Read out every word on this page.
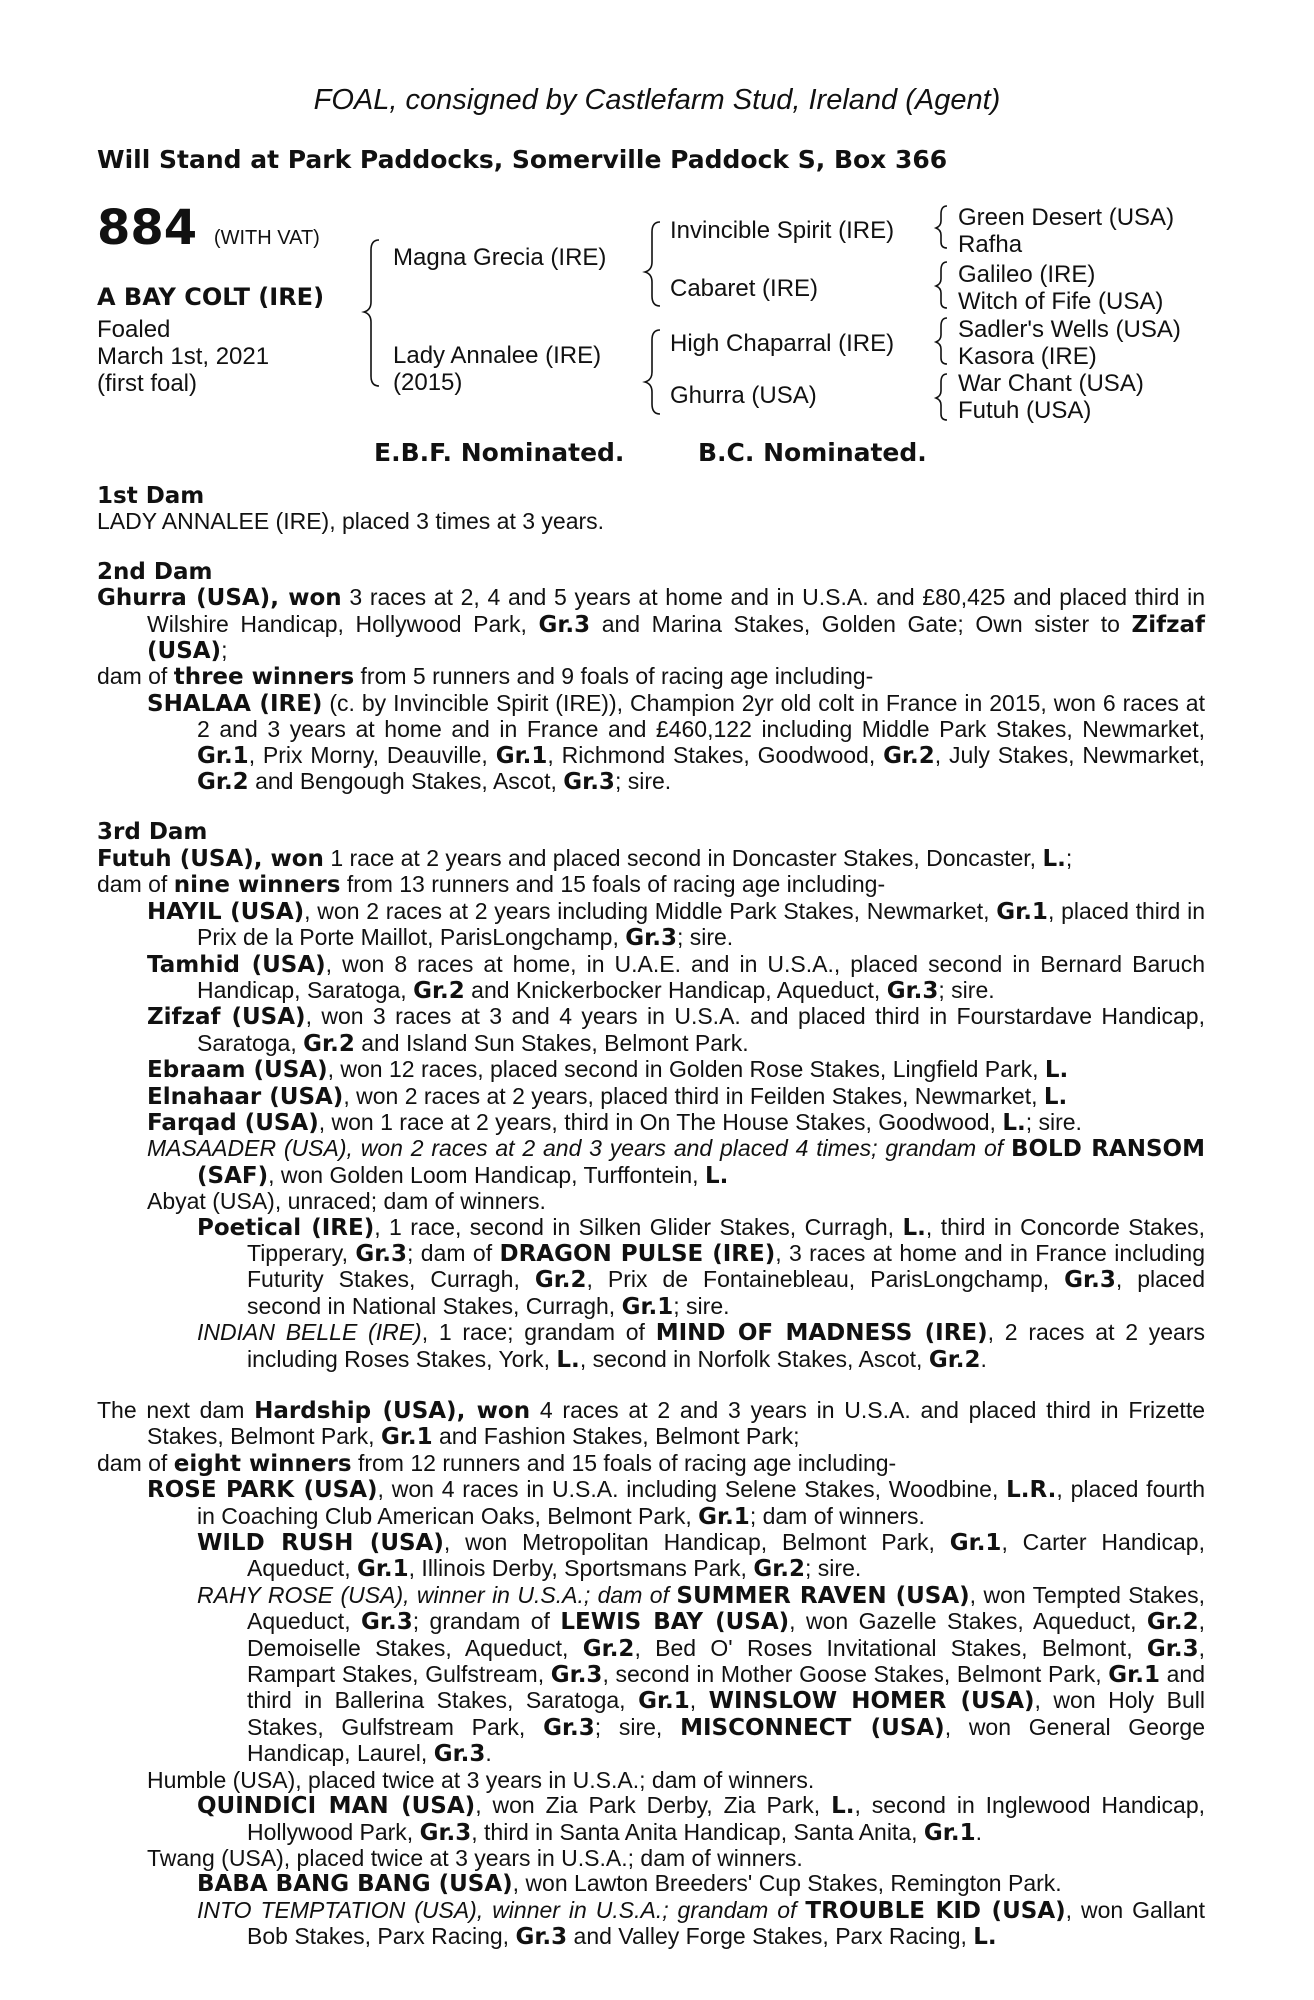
FOAL, consigned by Castlefarm Stud, Ireland (Agent)
Will Stand at Park Paddocks, Somerville Paddock S, Box 366
884 (WITH VAT)
A BAY COLT (IRE)
Foaled
March 1st, 2021
(first foal)
Magna Grecia (IRE)
Lady Annalee (IRE)
(2015)
Invincible Spirit (IRE)
Cabaret (IRE)
High Chaparral (IRE)
Ghurra (USA)
Green Desert (USA)
Rafha
Galileo (IRE)
Witch of Fife (USA)
Sadler's Wells (USA)
Kasora (IRE)
War Chant (USA)
Futuh (USA)
E.B.F. Nominated.	B.C. Nominated.

1st Dam

LADY ANNALEE (IRE), placed 3 times at 3 years.

2nd Dam

Ghurra (USA), won 3 races at 2, 4 and 5 years at home and in U.S.A. and £80,425 and placed third in Wilshire Handicap, Hollywood Park, Gr.3 and Marina Stakes, Golden Gate; Own sister to Zifzaf (USA);

dam of three winners from 5 runners and 9 foals of racing age including-

SHALAA (IRE) (c. by Invincible Spirit (IRE)), Champion 2yr old colt in France in 2015, won 6 races at 2 and 3 years at home and in France and £460,122 including Middle Park Stakes, Newmarket, Gr.1, Prix Morny, Deauville, Gr.1, Richmond Stakes, Goodwood, Gr.2, July Stakes, Newmarket, Gr.2 and Bengough Stakes, Ascot, Gr.3; sire.

3rd Dam

Futuh (USA), won 1 race at 2 years and placed second in Doncaster Stakes, Doncaster, L.;

dam of nine winners from 13 runners and 15 foals of racing age including-

HAYIL (USA), won 2 races at 2 years including Middle Park Stakes, Newmarket, Gr.1, placed third in Prix de la Porte Maillot, ParisLongchamp, Gr.3; sire.

Tamhid (USA), won 8 races at home, in U.A.E. and in U.S.A., placed second in Bernard Baruch Handicap, Saratoga, Gr.2 and Knickerbocker Handicap, Aqueduct, Gr.3; sire.

Zifzaf (USA), won 3 races at 3 and 4 years in U.S.A. and placed third in Fourstardave Handicap, Saratoga, Gr.2 and Island Sun Stakes, Belmont Park.

Ebraam (USA), won 12 races, placed second in Golden Rose Stakes, Lingfield Park, L.

Elnahaar (USA), won 2 races at 2 years, placed third in Feilden Stakes, Newmarket, L.

Farqad (USA), won 1 race at 2 years, third in On The House Stakes, Goodwood, L.; sire.

MASAADER (USA), won 2 races at 2 and 3 years and placed 4 times; grandam of BOLD RANSOM (SAF), won Golden Loom Handicap, Turffontein, L.

Abyat (USA), unraced; dam of winners.

Poetical (IRE), 1 race, second in Silken Glider Stakes, Curragh, L., third in Concorde Stakes, Tipperary, Gr.3; dam of DRAGON PULSE (IRE), 3 races at home and in France including Futurity Stakes, Curragh, Gr.2, Prix de Fontainebleau, ParisLongchamp, Gr.3, placed second in National Stakes, Curragh, Gr.1; sire.

INDIAN BELLE (IRE), 1 race; grandam of MIND OF MADNESS (IRE), 2 races at 2 years including Roses Stakes, York, L., second in Norfolk Stakes, Ascot, Gr.2.

The next dam Hardship (USA), won 4 races at 2 and 3 years in U.S.A. and placed third in Frizette Stakes, Belmont Park, Gr.1 and Fashion Stakes, Belmont Park;

dam of eight winners from 12 runners and 15 foals of racing age including-

ROSE PARK (USA), won 4 races in U.S.A. including Selene Stakes, Woodbine, L.R., placed fourth in Coaching Club American Oaks, Belmont Park, Gr.1; dam of winners.

WILD RUSH (USA), won Metropolitan Handicap, Belmont Park, Gr.1, Carter Handicap, Aqueduct, Gr.1, Illinois Derby, Sportsmans Park, Gr.2; sire.

RAHY ROSE (USA), winner in U.S.A.; dam of SUMMER RAVEN (USA), won Tempted Stakes, Aqueduct, Gr.3; grandam of LEWIS BAY (USA), won Gazelle Stakes, Aqueduct, Gr.2, Demoiselle Stakes, Aqueduct, Gr.2, Bed O' Roses Invitational Stakes, Belmont, Gr.3, Rampart Stakes, Gulfstream, Gr.3, second in Mother Goose Stakes, Belmont Park, Gr.1 and third in Ballerina Stakes, Saratoga, Gr.1, WINSLOW HOMER (USA), won Holy Bull Stakes, Gulfstream Park, Gr.3; sire, MISCONNECT (USA), won General George Handicap, Laurel, Gr.3.

Humble (USA), placed twice at 3 years in U.S.A.; dam of winners.

QUINDICI MAN (USA), won Zia Park Derby, Zia Park, L., second in Inglewood Handicap, Hollywood Park, Gr.3, third in Santa Anita Handicap, Santa Anita, Gr.1.

Twang (USA), placed twice at 3 years in U.S.A.; dam of winners.

BABA BANG BANG (USA), won Lawton Breeders' Cup Stakes, Remington Park.

INTO TEMPTATION (USA), winner in U.S.A.; grandam of TROUBLE KID (USA), won Gallant Bob Stakes, Parx Racing, Gr.3 and Valley Forge Stakes, Parx Racing, L.
